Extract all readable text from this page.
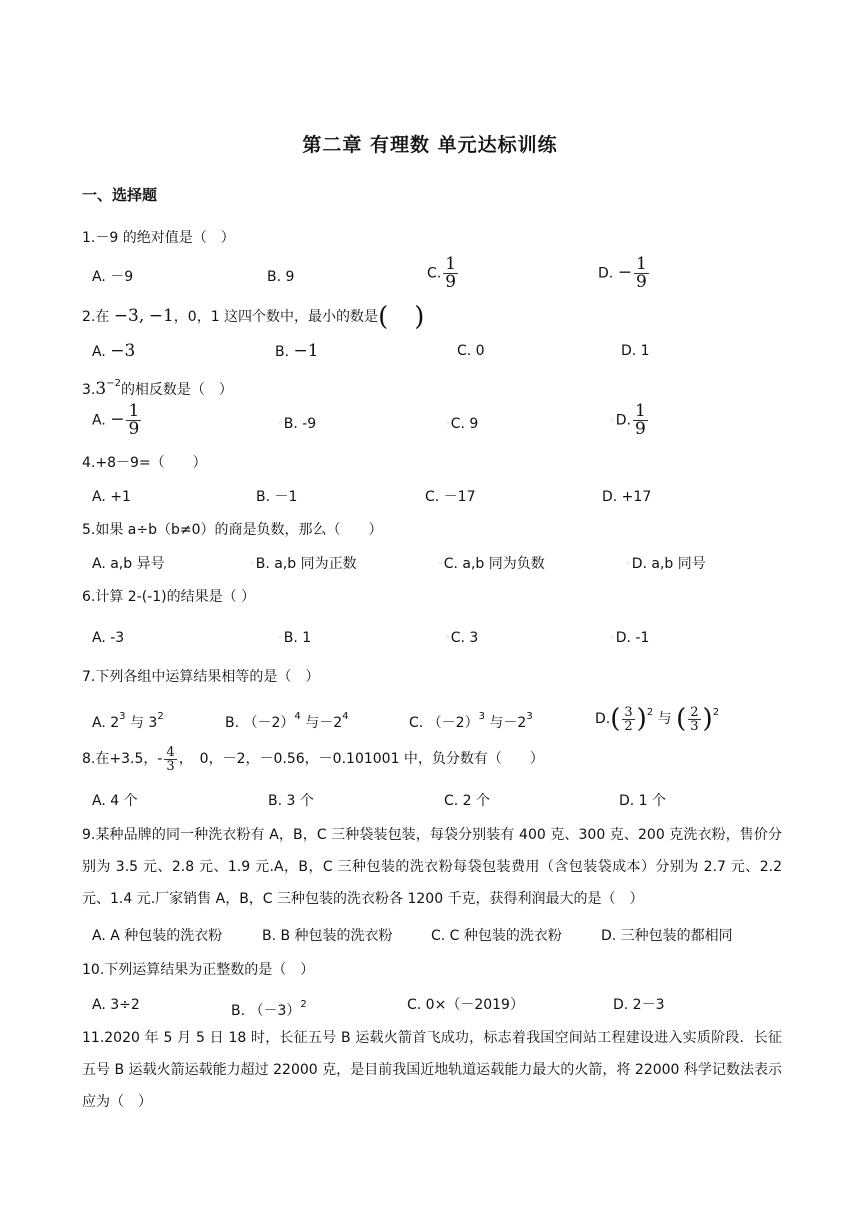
第二章 有理数 单元达标训练
一、选择题
1.－9 的绝对值是（　）
A. －9	B. 9	C. $\frac{1}{9}$	D. − $\frac{1}{9}$
2.在 −3, −1，0，1 这四个数中，最小的数是(　)
A. −3	B. −1	C. 0	D. 1
$3.3^{-2}$的相反数是（　）
A. − $\frac{1}{9}$	◦B. -9	◦C. 9	◦D. $\frac{1}{9}$
4.+8－9=（　　）
A. +1	B. －1	C. －17	D. +17
5.如果 a÷b（b≠0）的商是负数，那么（　　）
A. a,b 异号	◦B. a,b 同为正数	◦C. a,b 同为负数	◦D. a,b 同号
6.计算 2-(-1)的结果是（ ）
A. -3	◦B. 1	◦C. 3	◦D. -1
7.下列各组中运算结果相等的是（　）
A. $2^3$ 与 $3^2$	B. $(-2)^4$ 与$-2^4$	C. $(-2)^3$ 与$-2^3$	$D.( \frac{3}{2} )^2$ 与 ( $\frac{2}{3} )^2$
8.在+3.5，- $\frac{4}{3}$ ，　0，－2，－0.56，－0.101001 中，负分数有（　　）
A. 4 个	B. 3 个	C. 2 个	D. 1 个
9.某种品牌的同一种洗衣粉有 A，B，C 三种袋装包装，每袋分别装有 400 克、300 克、200 克洗衣粉，售价分别为 3.5 元、2.8 元、1.9 元.A，B，C 三种包装的洗衣粉每袋包装费用（含包装袋成本）分别为 2.7 元、2.2 元、1.4 元.厂家销售 A，B，C 三种包装的洗衣粉各 1200 千克，获得利润最大的是（　）
A. A 种包装的洗衣粉	B. B 种包装的洗衣粉	C. C 种包装的洗衣粉	D. 三种包装的都相同
10.下列运算结果为正整数的是（　）
A. 3÷2	B. $(-3)^2$	C. 0×（－2019）	D. 2－3
11.2020 年 5 月 5 日 18 时，长征五号 B 运载火箭首飞成功，标志着我国空间站工程建设进入实质阶段．长征五号 B 运载火箭运载能力超过 22000 克，是目前我国近地轨道运载能力最大的火箭，将 22000 科学记数法表示应为（　）
